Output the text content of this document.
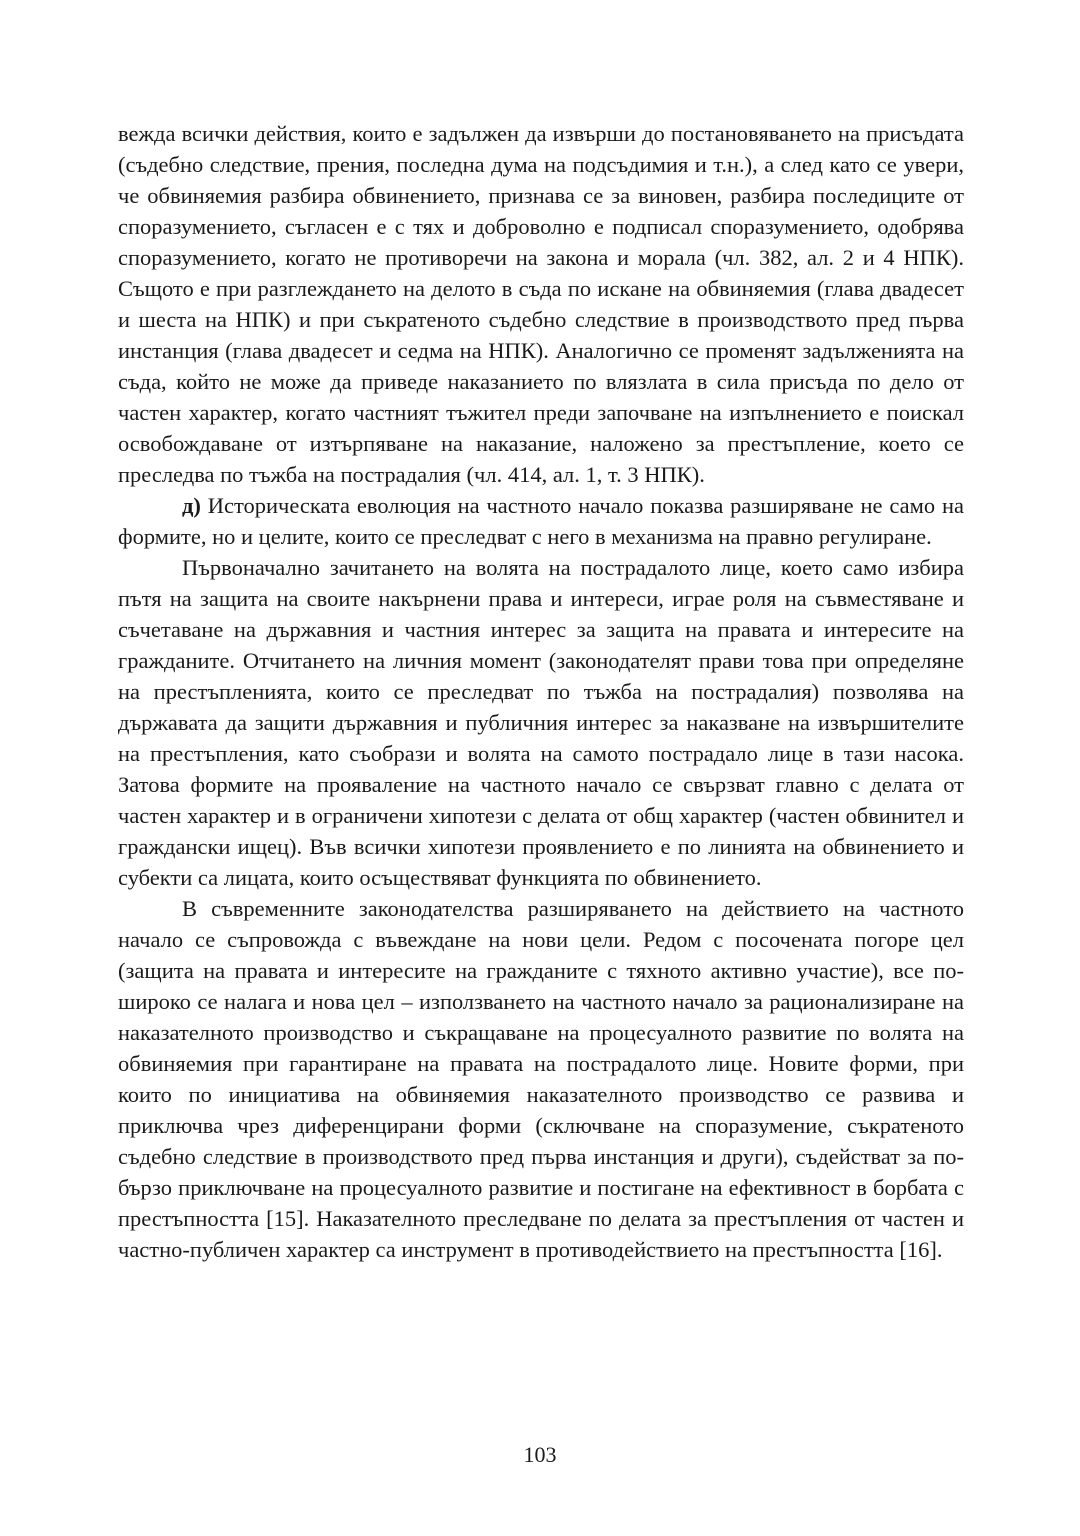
вежда всички действия, които е задължен да извърши до постановяването на присъдата (съдебно следствие, прения, последна дума на подсъдимия и т.н.), а след като се увери, че обвиняемия разбира обвинението, признава се за виновен, разбира последиците от споразумението, съгласен е с тях и доброволно е подписал споразумението, одобрява споразумението, когато не противоречи на закона и морала (чл. 382, ал. 2 и 4 НПК). Същото е при разглеждането на делото в съда по искане на обвиняемия (глава двадесет и шеста на НПК) и при съкратеното съдебно следствие в производството пред първа инстанция (глава двадесет и седма на НПК). Аналогично се променят задълженията на съда, който не може да приведе наказанието по влязлата в сила присъда по дело от частен характер, когато частният тъжител преди започване на изпълнението е поискал освобождаване от изтърпяване на наказание, наложено за престъпление, което се преследва по тъжба на пострадалия (чл. 414, ал. 1, т. 3 НПК).

д) Историческата еволюция на частното начало показва разширяване не само на формите, но и целите, които се преследват с него в механизма на правно регулиране.

Първоначално зачитането на волята на пострадалото лице, което само избира пътя на защита на своите накърнени права и интереси, играе роля на съвместяване и съчетаване на държавния и частния интерес за защита на правата и интересите на гражданите. Отчитането на личния момент (законодателят прави това при определяне на престъпленията, които се преследват по тъжба на пострадалия) позволява на държавата да защити държавния и публичния интерес за наказване на извършителите на престъпления, като съобрази и волята на самото пострадало лице в тази насока. Затова формите на прояваление на частното начало се свързват главно с делата от частен характер и в ограничени хипотези с делата от общ характер (частен обвинител и граждански ищец). Във всички хипотези проявлението е по линията на обвинението и субекти са лицата, които осъществяват функцията по обвинението.

В съвременните законодателства разширяването на действието на частното начало се съпровожда с въвеждане на нови цели. Редом с посочената погоре цел (защита на правата и интересите на гражданите с тяхното активно участие), все по-широко се налага и нова цел – използването на частното начало за рационализиране на наказателното производство и съкращаване на процесуалното развитие по волята на обвиняемия при гарантиране на правата на пострадалото лице. Новите форми, при които по инициатива на обвиняемия наказателното производство се развива и приключва чрез диференцирани форми (сключване на споразумение, съкратеното съдебно следствие в производството пред първа инстанция и други), съдействат за по-бързо приключване на процесуалното развитие и постигане на ефективност в борбата с престъпността [15]. Наказателното преследване по делата за престъпления от частен и частно-публичен характер са инструмент в противодействието на престъпността [16].

103
